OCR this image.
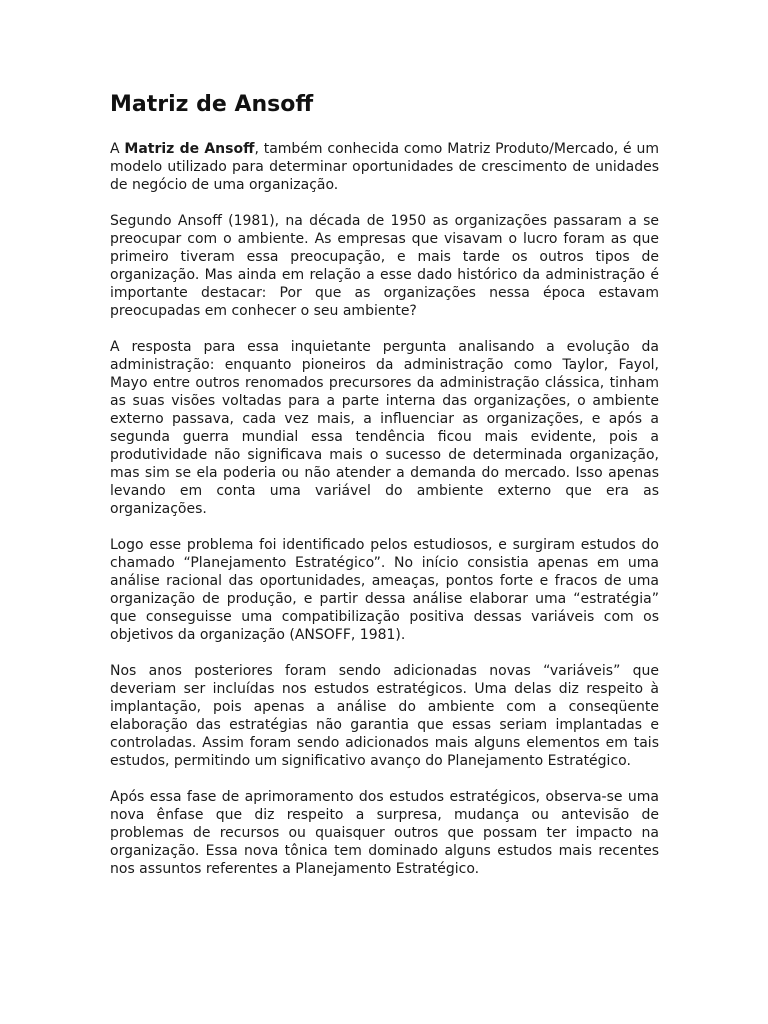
Matriz de Ansoff

A Matriz de Ansoff, também conhecida como Matriz Produto/Mercado, é um modelo utilizado para determinar oportunidades de crescimento de unidades de negócio de uma organização.

Segundo Ansoff (1981), na década de 1950 as organizações passaram a se preocupar com o ambiente. As empresas que visavam o lucro foram as que primeiro tiveram essa preocupação, e mais tarde os outros tipos de organização. Mas ainda em relação a esse dado histórico da administração é importante destacar: Por que as organizações nessa época estavam preocupadas em conhecer o seu ambiente?

A resposta para essa inquietante pergunta analisando a evolução da administração: enquanto pioneiros da administração como Taylor, Fayol, Mayo entre outros renomados precursores da administração clássica, tinham as suas visões voltadas para a parte interna das organizações, o ambiente externo passava, cada vez mais, a influenciar as organizações, e após a segunda guerra mundial essa tendência ficou mais evidente, pois a produtividade não significava mais o sucesso de determinada organização, mas sim se ela poderia ou não atender a demanda do mercado. Isso apenas levando em conta uma variável do ambiente externo que era as organizações.

Logo esse problema foi identificado pelos estudiosos, e surgiram estudos do chamado “Planejamento Estratégico”. No início consistia apenas em uma análise racional das oportunidades, ameaças, pontos forte e fracos de uma organização de produção, e partir dessa análise elaborar uma “estratégia” que conseguisse uma compatibilização positiva dessas variáveis com os objetivos da organização (ANSOFF, 1981).

Nos anos posteriores foram sendo adicionadas novas “variáveis” que deveriam ser incluídas nos estudos estratégicos. Uma delas diz respeito à implantação, pois apenas a análise do ambiente com a conseqüente elaboração das estratégias não garantia que essas seriam implantadas e controladas. Assim foram sendo adicionados mais alguns elementos em tais estudos, permitindo um significativo avanço do Planejamento Estratégico.

Após essa fase de aprimoramento dos estudos estratégicos, observa-se uma nova ênfase que diz respeito a surpresa, mudança ou antevisão de problemas de recursos ou quaisquer outros que possam ter impacto na organização. Essa nova tônica tem dominado alguns estudos mais recentes nos assuntos referentes a Planejamento Estratégico.
